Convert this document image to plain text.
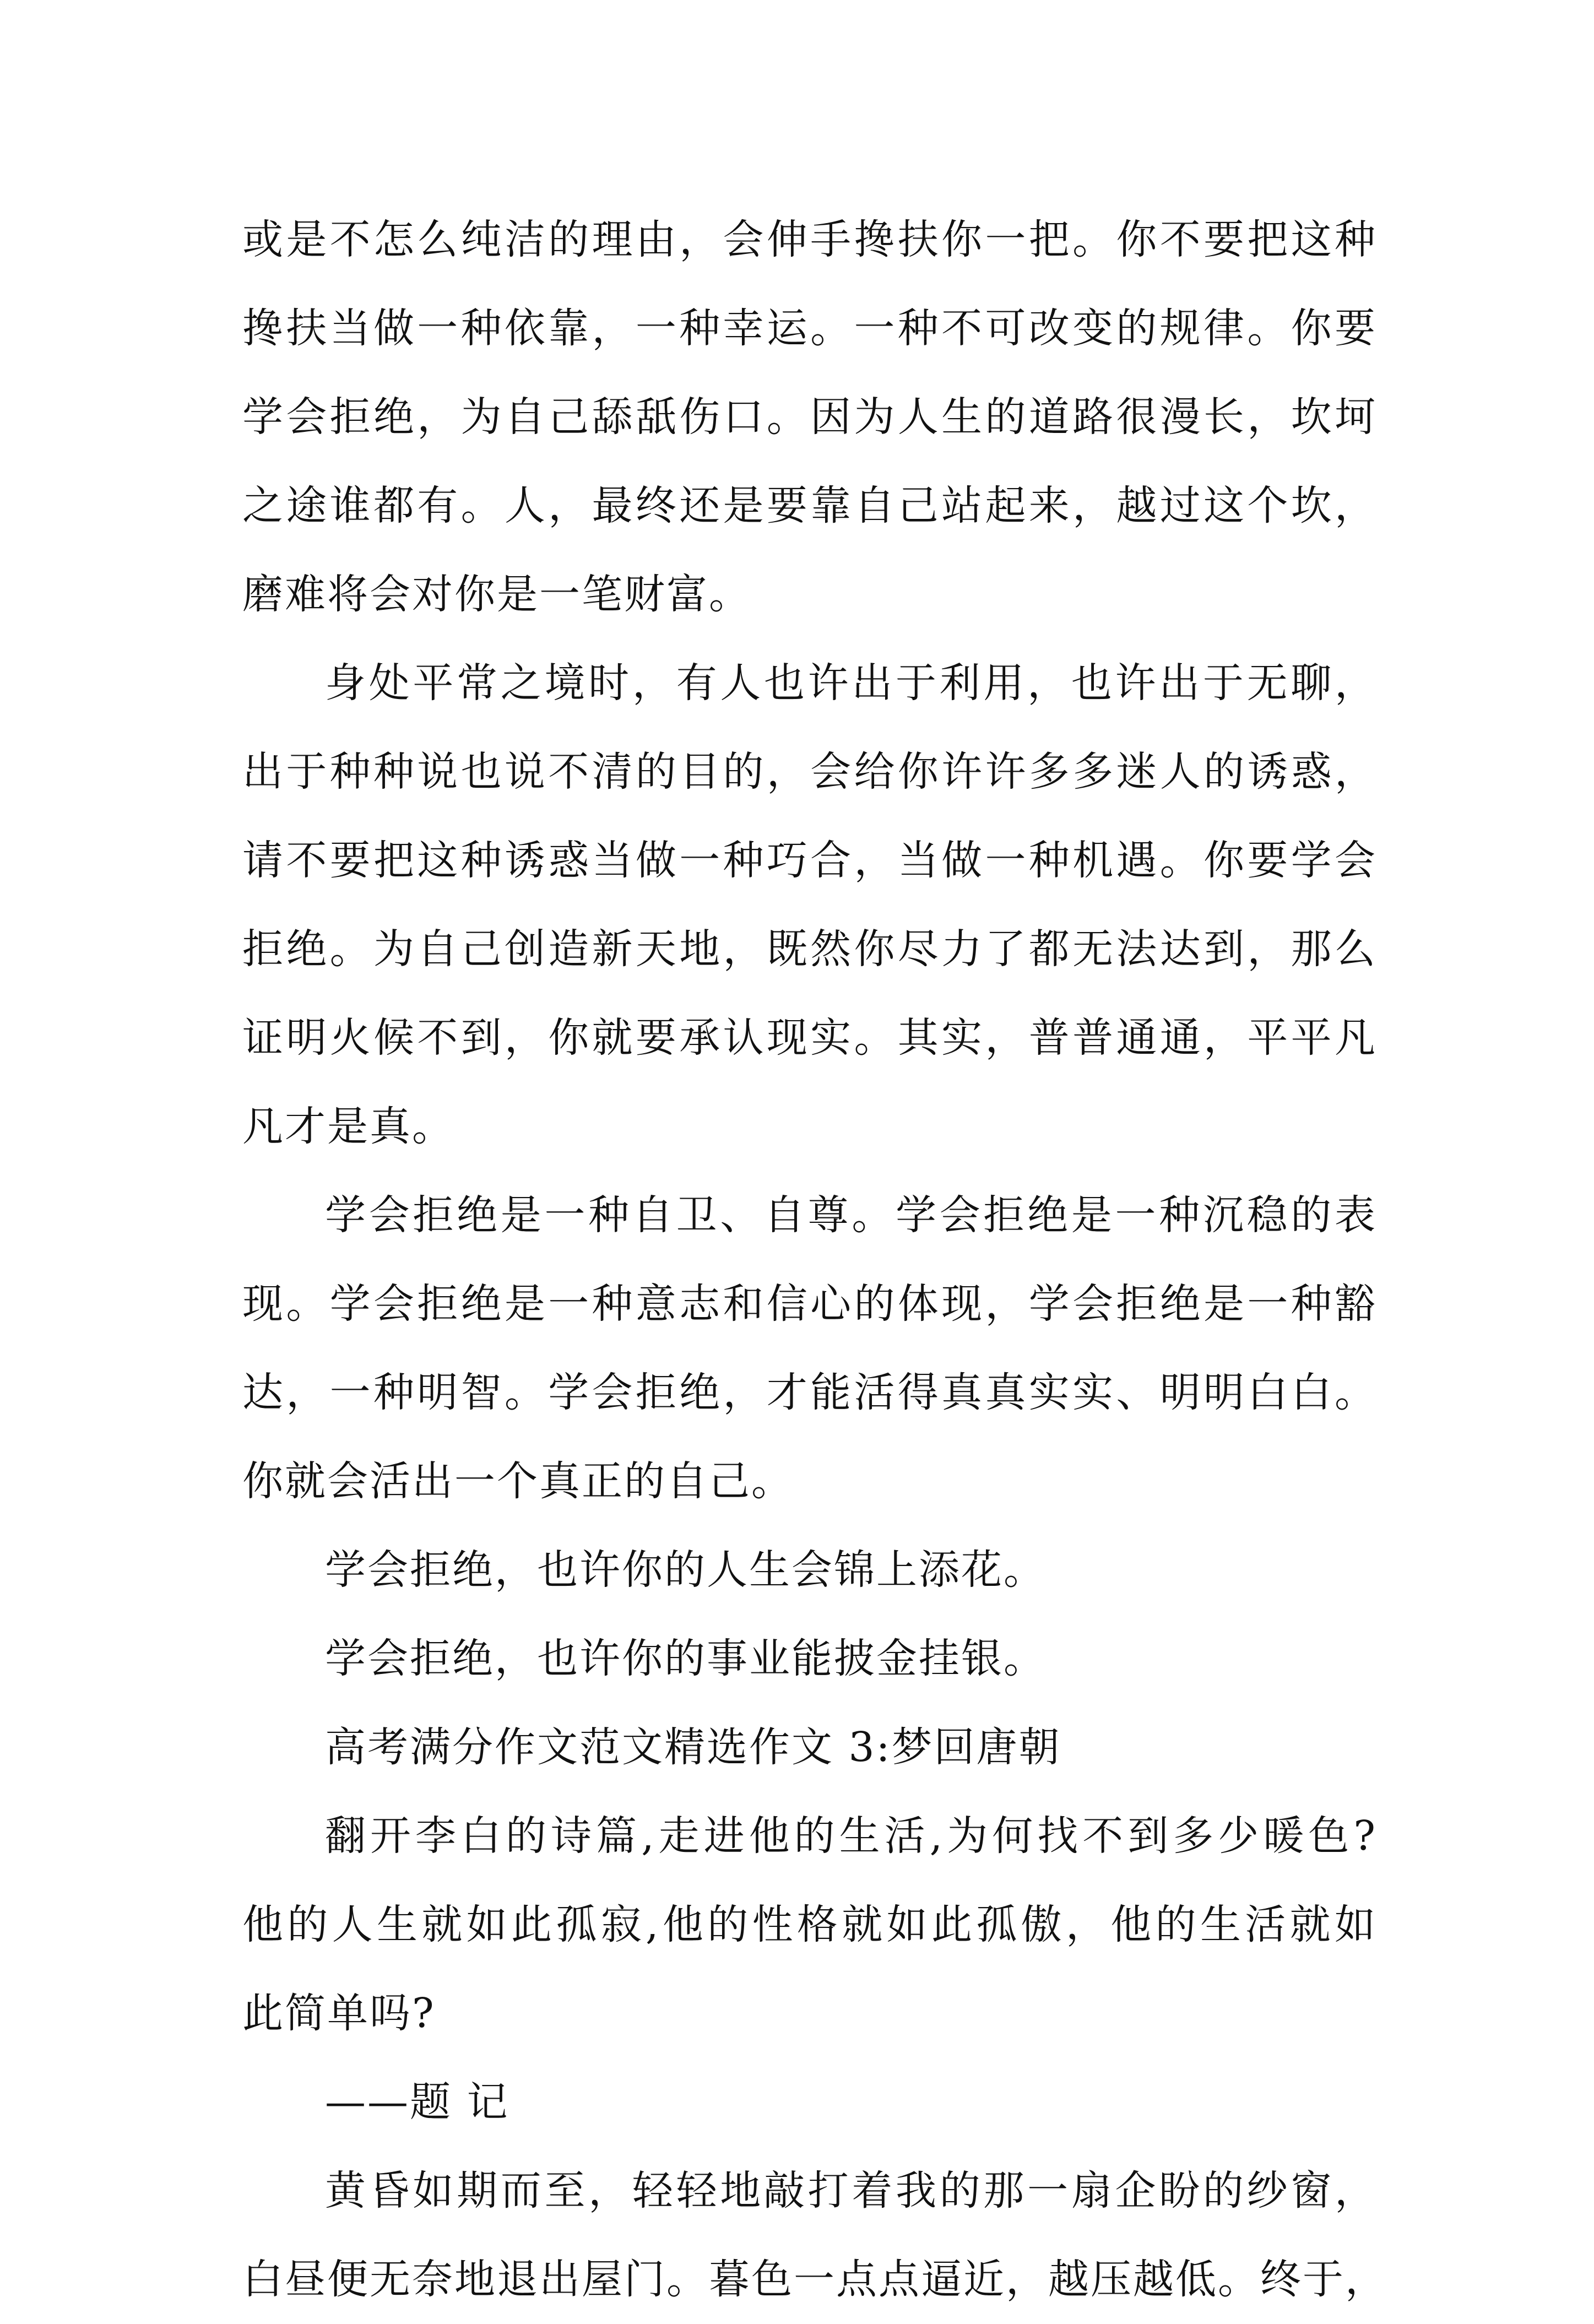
或是不怎么纯洁的理由，会伸手搀扶你一把。你不要把这种
搀扶当做一种依靠，一种幸运。一种不可改变的规律。你要
学会拒绝，为自己舔舐伤口。因为人生的道路很漫长，坎坷
之途谁都有。人，最终还是要靠自己站起来，越过这个坎，
磨难将会对你是一笔财富。
身处平常之境时，有人也许出于利用，也许出于无聊，
出于种种说也说不清的目的，会给你许许多多迷人的诱惑，
请不要把这种诱惑当做一种巧合，当做一种机遇。你要学会
拒绝。为自己创造新天地，既然你尽力了都无法达到，那么
证明火候不到，你就要承认现实。其实，普普通通，平平凡
凡才是真。
学会拒绝是一种自卫、自尊。学会拒绝是一种沉稳的表
现。学会拒绝是一种意志和信心的体现，学会拒绝是一种豁
达，一种明智。学会拒绝，才能活得真真实实、明明白白。
你就会活出一个真正的自己。
学会拒绝，也许你的人生会锦上添花。
学会拒绝，也许你的事业能披金挂银。
高考满分作文范文精选作文 3:梦回唐朝
翻开李白的诗篇,走进他的生活,为何找不到多少暖色?
他的人生就如此孤寂,他的性格就如此孤傲，他的生活就如
此简单吗?
——题 记
黄昏如期而至，轻轻地敲打着我的那一扇企盼的纱窗，
白昼便无奈地退出屋门。暮色一点点逼近，越压越低。终于，
